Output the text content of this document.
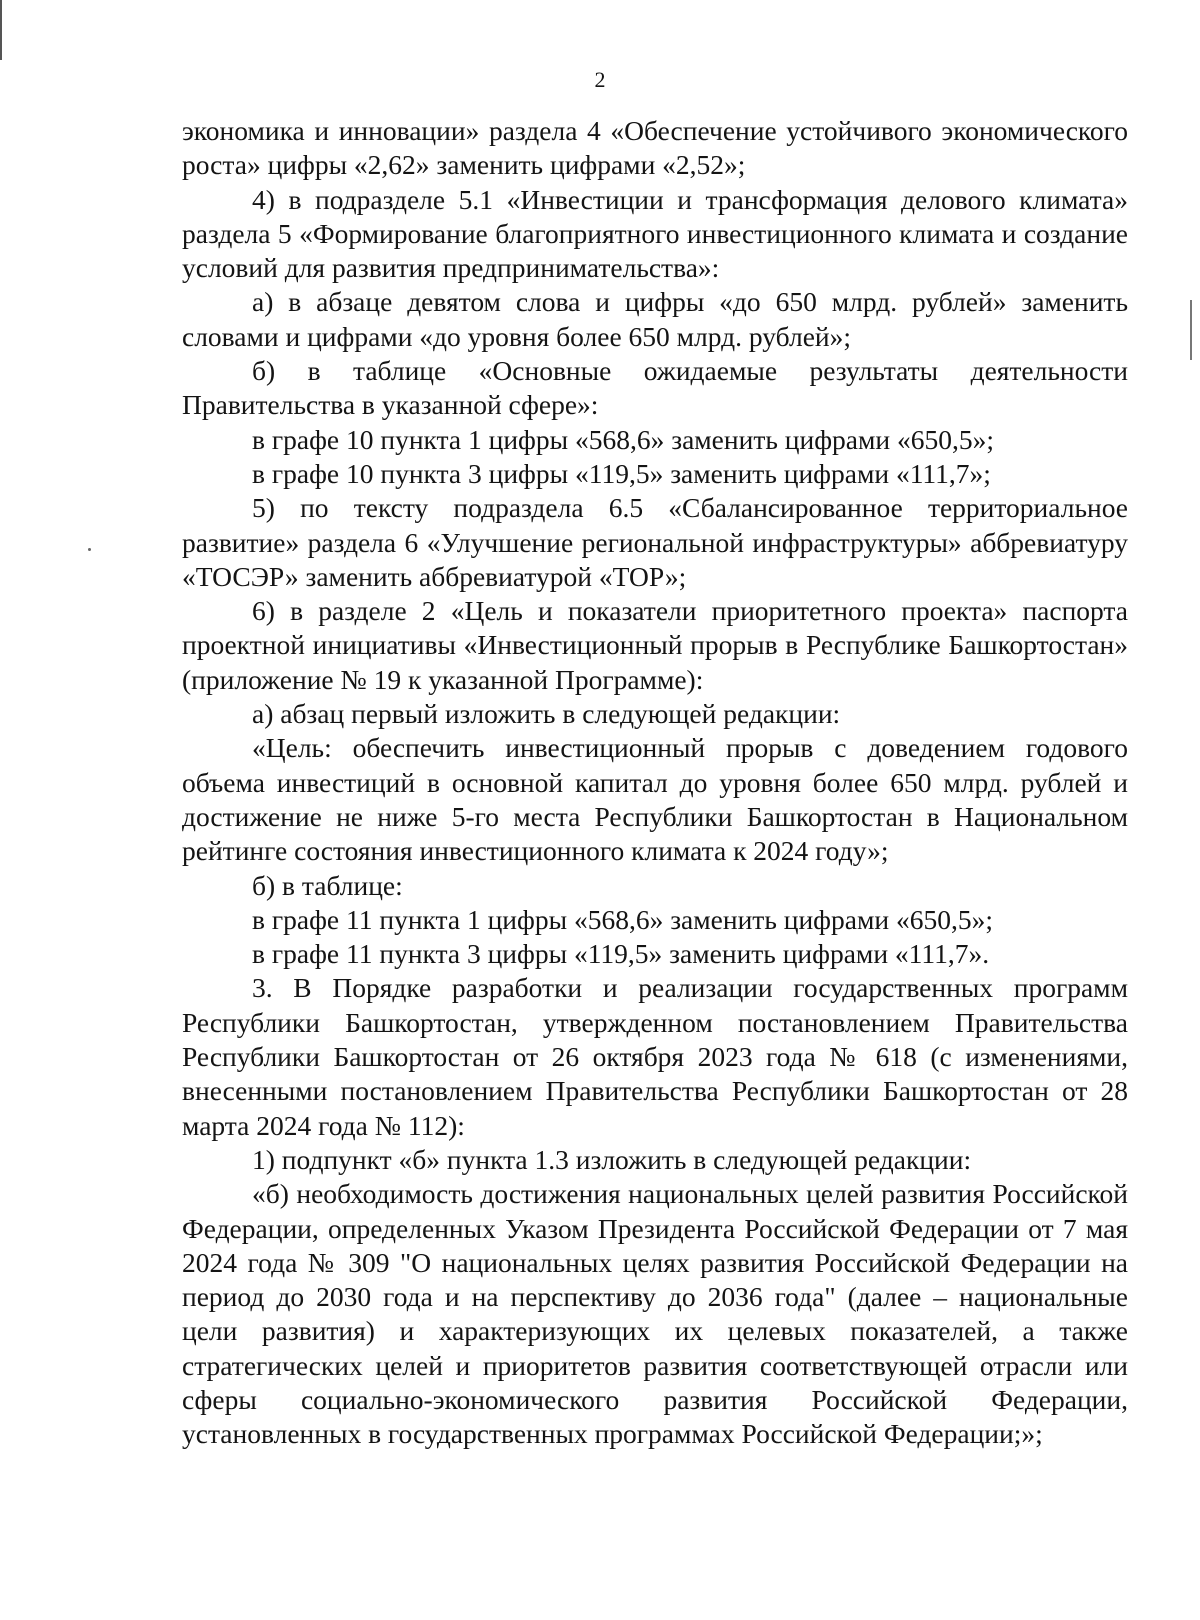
2

экономика и инновации» раздела 4 «Обеспечение устойчивого экономического роста» цифры «2,62» заменить цифрами «2,52»;

4) в подразделе 5.1 «Инвестиции и трансформация делового климата» раздела 5 «Формирование благоприятного инвестиционного климата и создание условий для развития предпринимательства»:

а) в абзаце девятом слова и цифры «до 650 млрд. рублей» заменить словами и цифрами «до уровня более 650 млрд. рублей»;

б) в таблице «Основные ожидаемые результаты деятельности Правительства в указанной сфере»:

в графе 10 пункта 1 цифры «568,6» заменить цифрами «650,5»;

в графе 10 пункта 3 цифры «119,5» заменить цифрами «111,7»;

5) по тексту подраздела 6.5 «Сбалансированное территориальное развитие» раздела 6 «Улучшение региональной инфраструктуры» аббревиатуру «ТОСЭР» заменить аббревиатурой «ТОР»;

6) в разделе 2 «Цель и показатели приоритетного проекта» паспорта проектной инициативы «Инвестиционный прорыв в Республике Башкортостан» (приложение № 19 к указанной Программе):

а) абзац первый изложить в следующей редакции:

«Цель: обеспечить инвестиционный прорыв с доведением годового объема инвестиций в основной капитал до уровня более 650 млрд. рублей и достижение не ниже 5-го места Республики Башкортостан в Национальном рейтинге состояния инвестиционного климата к 2024 году»;

б) в таблице:

в графе 11 пункта 1 цифры «568,6» заменить цифрами «650,5»;

в графе 11 пункта 3 цифры «119,5» заменить цифрами «111,7».

3. В Порядке разработки и реализации государственных программ Республики Башкортостан, утвержденном постановлением Правительства Республики Башкортостан от 26 октября 2023 года № 618 (с изменениями, внесенными постановлением Правительства Республики Башкортостан от 28 марта 2024 года № 112):

1) подпункт «б» пункта 1.3 изложить в следующей редакции:

«б) необходимость достижения национальных целей развития Российской Федерации, определенных Указом Президента Российской Федерации от 7 мая 2024 года № 309 "О национальных целях развития Российской Федерации на период до 2030 года и на перспективу до 2036 года" (далее – национальные цели развития) и характеризующих их целевых показателей, а также стратегических целей и приоритетов развития соответствующей отрасли или сферы социально-экономического развития Российской Федерации, установленных в государственных программах Российской Федерации;»;
